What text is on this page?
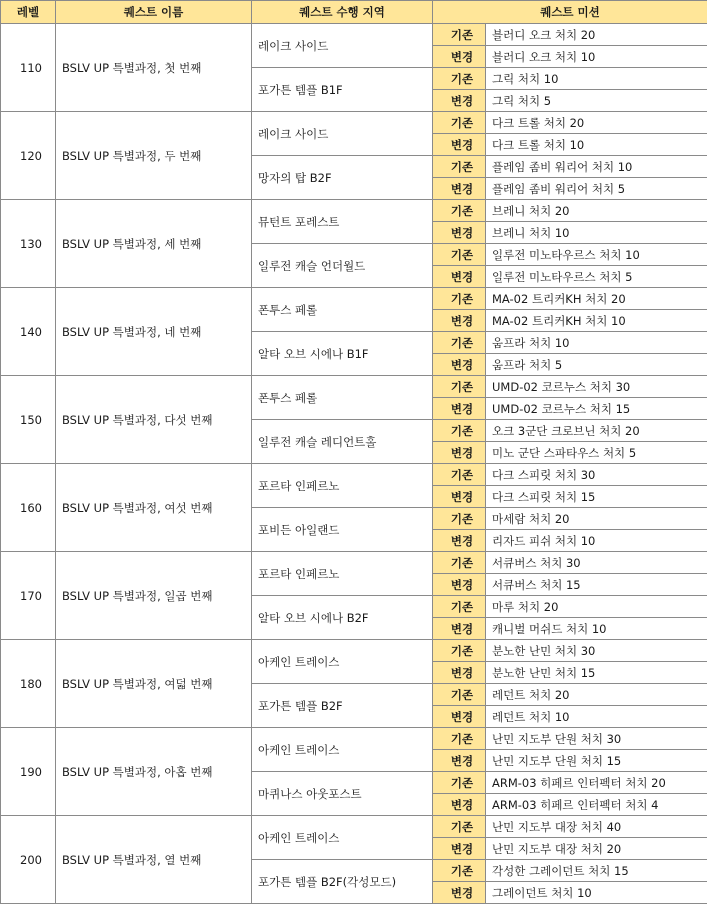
레벨	퀘스트 이름	퀘스트 수행 지역	퀘스트 미션	
110	BSLV UP 특별과정, 첫 번째	레이크 사이드	기존	블러디 오크 처치 20
			변경	블러디 오크 처치 10
		포가튼 템플 B1F	기존	그릭 처치 10
			변경	그릭 처치 5
120	BSLV UP 특별과정, 두 번째	레이크 사이드	기존	다크 트롤 처치 20
			변경	다크 트롤 처치 10
		망자의 탑 B2F	기존	플레임 좀비 워리어 처치 10
			변경	플레임 좀비 워리어 처치 5
130	BSLV UP 특별과정, 세 번째	뮤턴트 포레스트	기존	브레니 처치 20
			변경	브레니 처치 10
		일루전 캐슬 언더월드	기존	일루전 미노타우르스 처치 10
			변경	일루전 미노타우르스 처치 5
140	BSLV UP 특별과정, 네 번째	폰투스 페롤	기존	MA-02 트리커KH 처치 20
			변경	MA-02 트리커KH 처치 10
		알타 오브 시에나 B1F	기존	움프라 처치 10
			변경	움프라 처치 5
150	BSLV UP 특별과정, 다섯 번째	폰투스 페롤	기존	UMD-02 코르누스 처치 30
			변경	UMD-02 코르누스 처치 15
		일루전 캐슬 레디언트홀	기존	오크 3군단 크로브닌 처치 20
			변경	미노 군단 스파타우스 처치 5
160	BSLV UP 특별과정, 여섯 번째	포르타 인페르노	기존	다크 스피릿 처치 30
			변경	다크 스피릿 처치 15
		포비든 아일랜드	기존	마세람 처치 20
			변경	리자드 피쉬 처치 10
170	BSLV UP 특별과정, 일곱 번째	포르타 인페르노	기존	서큐버스 처치 30
			변경	서큐버스 처치 15
		알타 오브 시에나 B2F	기존	마루 처치 20
			변경	캐니벌 머쉬드 처치 10
180	BSLV UP 특별과정, 여덟 번째	아케인 트레이스	기존	분노한 난민 처치 30
			변경	분노한 난민 처치 15
		포가튼 템플 B2F	기존	레던트 처치 20
			변경	레던트 처치 10
190	BSLV UP 특별과정, 아홉 번째	아케인 트레이스	기존	난민 지도부 단원 처치 30
			변경	난민 지도부 단원 처치 15
		마퀴나스 아웃포스트	기존	ARM-03 히페르 인터펙터 처치 20
			변경	ARM-03 히페르 인터펙터 처치 4
200	BSLV UP 특별과정, 열 번째	아케인 트레이스	기존	난민 지도부 대장 처치 40
			변경	난민 지도부 대장 처치 20
		포가튼 템플 B2F(각성모드)	기존	각성한 그레이던트 처치 15
			변경	그레이던트 처치 10
